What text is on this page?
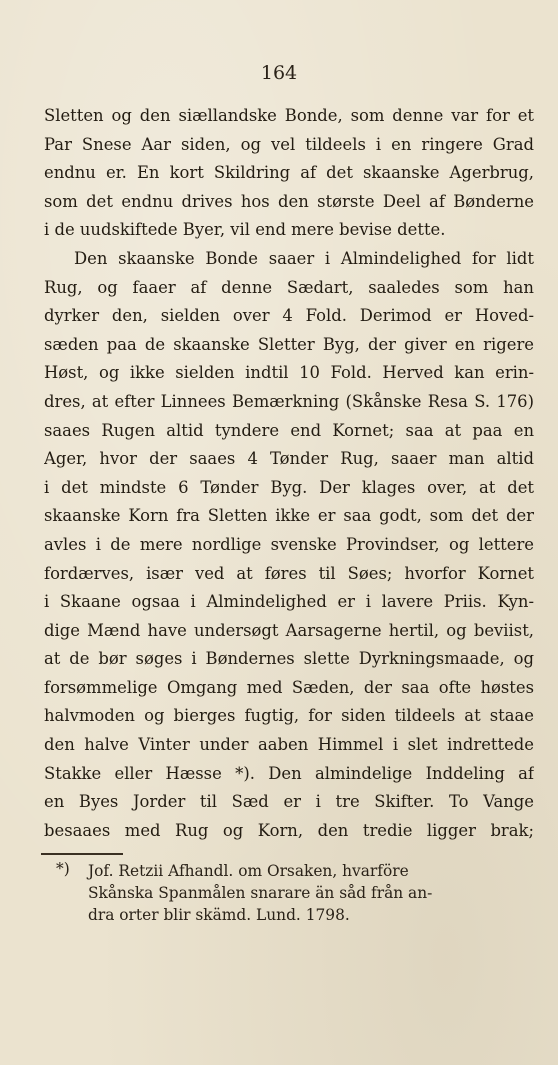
164
Sletten og den siællandske Bonde, som denne var for et
Par Snese Aar siden, og vel tildeels i en ringere Grad
endnu er. En kort Skildring af det skaanske Agerbrug,
som det endnu drives hos den største Deel af Bønderne
i de uudskiftede Byer, vil end mere bevise dette.
Den skaanske Bonde saaer i Almindelighed for lidt
Rug, og faaer af denne Sædart, saaledes som han
dyrker den, sielden over 4 Fold. Derimod er Hoved-
sæden paa de skaanske Sletter Byg, der giver en rigere
Høst, og ikke sielden indtil 10 Fold. Herved kan erin-
dres, at efter Linnees Bemærkning (Skånske Resa S. 176)
saaes Rugen altid tyndere end Kornet; saa at paa en
Ager, hvor der saaes 4 Tønder Rug, saaer man altid
i det mindste 6 Tønder Byg. Der klages over, at det
skaanske Korn fra Sletten ikke er saa godt, som det der
avles i de mere nordlige svenske Provindser, og lettere
fordærves, især ved at føres til Søes; hvorfor Kornet
i Skaane ogsaa i Almindelighed er i lavere Priis. Kyn-
dige Mænd have undersøgt Aarsagerne hertil, og beviist,
at de bør søges i Bøndernes slette Dyrkningsmaade, og
forsømmelige Omgang med Sæden, der saa ofte høstes
halvmoden og bierges fugtig, for siden tildeels at staae
den halve Vinter under aaben Himmel i slet indrettede
Stakke eller Hæsse *). Den almindelige Inddeling af
en Byes Jorder til Sæd er i tre Skifter. To Vange
besaaes med Rug og Korn, den tredie ligger brak;
*)	Jof. Retzii Afhandl. om Orsaken, hvarföre
Skånska Spanmålen snarare än såd från an-
dra orter blir skämd. Lund. 1798.
